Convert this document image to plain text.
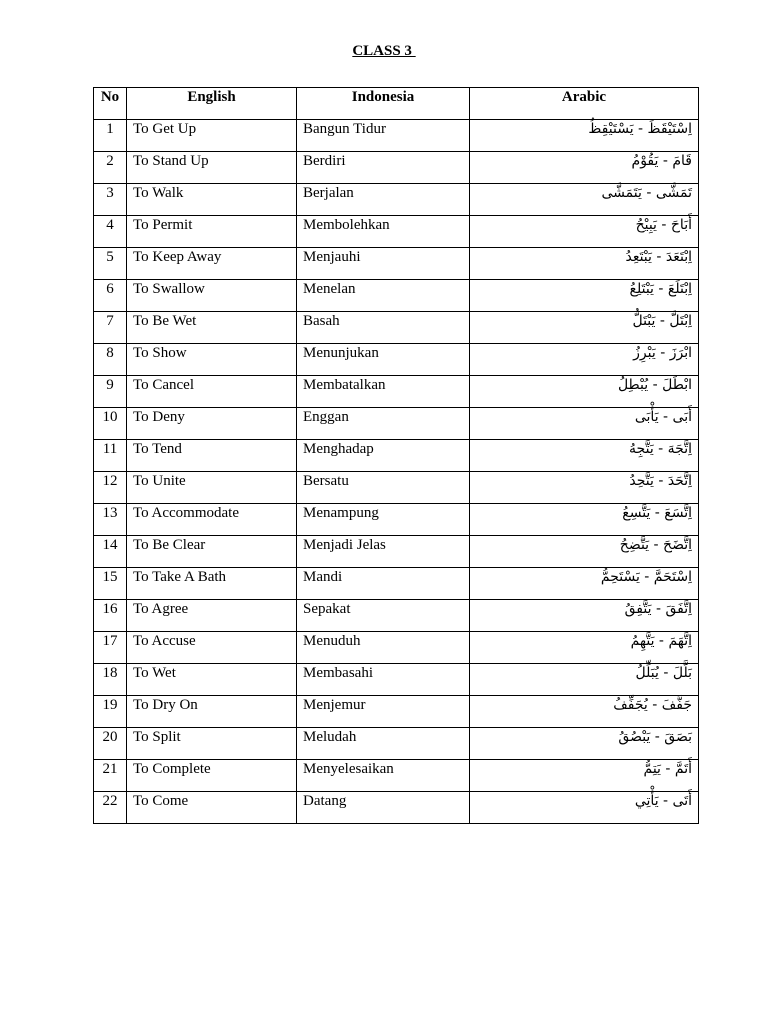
CLASS 3
No	English	Indonesia	Arabic
1	To Get Up	Bangun Tidur	اِسْتَيْقَظَ - يَسْتَيْقِظُ
2	To Stand Up	Berdiri	قَامَ - يَقُوْمُ
3	To Walk	Berjalan	تَمَشَّى - يَتَمَشَّى
4	To Permit	Membolehkan	أَبَاحَ - يَبِيْحُ
5	To Keep Away	Menjauhi	اِبْتَعَدَ - يَبْتَعِدُ
6	To Swallow	Menelan	اِبْتَلَعَ - يَبْتَلِعُ
7	To Be Wet	Basah	اِبْتَلَّ - يَبْتَلُّ
8	To Show	Menunjukan	ابْرَزَ - يَبْرِزُ
9	To Cancel	Membatalkan	ابْطَلَ - يُبْطِلُ
10	To Deny	Enggan	أَبَى - يَأْبَى
11	To Tend	Menghadap	اِتَّجَهَ - يَتَّجِهُ
12	To Unite	Bersatu	اِتَّحَدَ - يَتَّحِدُ
13	To Accommodate	Menampung	اِتَّسَعَ - يَتَّسِعُ
14	To Be Clear	Menjadi Jelas	اِتَّضَحَ - يَتَّضِحُ
15	To Take A Bath	Mandi	اِسْتَحَمَّ - يَسْتَحِمُّ
16	To Agree	Sepakat	اِتَّفَقَ - يَتَّفِقُ
17	To Accuse	Menuduh	اِتَّهَمَ - يَتَّهِمُ
18	To Wet	Membasahi	بَلَّلَ - يُبَلِّلُ
19	To Dry On	Menjemur	جَفَّفَ - يُجَفِّفُ
20	To Split	Meludah	بَصَقَ - يَبْصُقُ
21	To Complete	Menyelesaikan	أَتَمَّ - يَتِمُّ
22	To Come	Datang	أَتَى - يَأْتِي
